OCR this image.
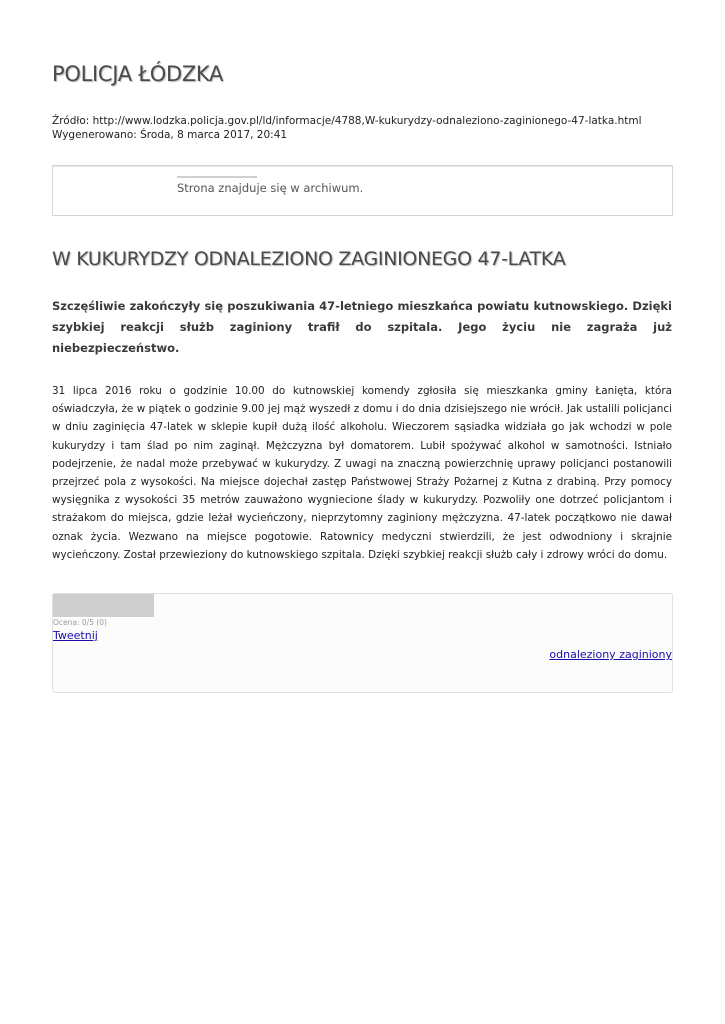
POLICJA ŁÓDZKA
Źródło: http://www.lodzka.policja.gov.pl/ld/informacje/4788,W-kukurydzy-odnaleziono-zaginionego-47-latka.html
Wygenerowano: Środa, 8 marca 2017, 20:41
Strona znajduje się w archiwum.
W KUKURYDZY ODNALEZIONO ZAGINIONEGO 47-LATKA

Szczęśliwie zakończyły się poszukiwania 47-letniego mieszkańca powiatu kutnowskiego. Dzięki szybkiej reakcji służb zaginiony trafił do szpitala. Jego życiu nie zagraża już niebezpieczeństwo.

31 lipca 2016 roku o godzinie 10.00 do kutnowskiej komendy zgłosiła się mieszkanka gminy Łanięta, która oświadczyła, że w piątek o godzinie 9.00 jej mąż wyszedł z domu i do dnia dzisiejszego nie wrócił. Jak ustalili policjanci w dniu zaginięcia 47-latek w sklepie kupił dużą ilość alkoholu. Wieczorem sąsiadka widziała go jak wchodzi w pole kukurydzy i tam ślad po nim zaginął. Mężczyzna był domatorem. Lubił spożywać alkohol w samotności. Istniało podejrzenie, że nadal może przebywać w kukurydzy. Z uwagi na znaczną powierzchnię uprawy policjanci postanowili przejrzeć pola z wysokości. Na miejsce dojechał zastęp Państwowej Straży Pożarnej z Kutna z drabiną. Przy pomocy wysięgnika z wysokości 35 metrów zauważono wygniecione ślady w kukurydzy. Pozwoliły one dotrzeć policjantom i strażakom do miejsca, gdzie leżał wycieńczony, nieprzytomny zaginiony mężczyzna. 47-latek początkowo nie dawał oznak życia. Wezwano na miejsce pogotowie. Ratownicy medyczni stwierdzili, że jest odwodniony i skrajnie wycieńczony. Został przewieziony do kutnowskiego szpitala. Dzięki szybkiej reakcji służb cały i zdrowy wróci do domu.

Ocena: 0/5 (0)
Tweetnij
odnaleziony zaginiony
